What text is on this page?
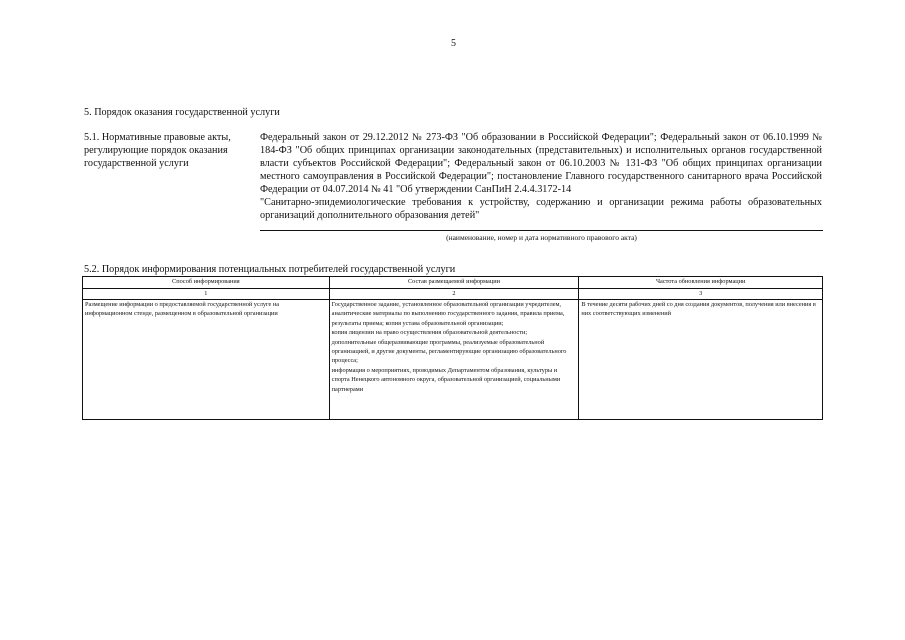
5
5. Порядок оказания государственной услуги
5.1. Нормативные правовые акты, регулирующие порядок оказания государственной услуги

Федеральный закон от 29.12.2012 № 273-ФЗ "Об образовании в Российской Федерации"; Федеральный закон от 06.10.1999 № 184-ФЗ "Об общих принципах организации законодательных (представительных) и исполнительных органов государственной власти субъектов Российской Федерации"; Федеральный закон от 06.10.2003 № 131-ФЗ "Об общих принципах организации местного самоуправления в Российской Федерации"; постановление Главного государственного санитарного врача Российской Федерации от 04.07.2014 № 41 "Об утверждении СанПиН 2.4.4.3172-14

"Санитарно-эпидемиологические требования к устройству, содержанию и организации режима работы образовательных организаций дополнительного образования детей"

(наименование, номер и дата нормативного правового акта)
5.2. Порядок информирования потенциальных потребителей государственной услуги
Способ информирования	Состав размещаемой информации	Частота обновления информации
1	2	3
Размещение информации о предоставляемой государственной услуге на информационном стенде, размещенном в образовательной организации	Государственное задание, установленное образовательной организации учредителем, аналитические материалы по выполнению государственного задания, правила приема, результаты приема; копия устава образовательной организации;
копия лицензии на право осуществления образовательной деятельности;
дополнительные общеразвивающие программы, реализуемые образовательной организацией, и другие документы, регламентирующие организацию образовательного процесса;
информация о мероприятиях, проводимых Департаментом образования, культуры и спорта Ненецкого автономного округа, образовательной организацией, социальными партнерами	В течение десяти рабочих дней со дня создания документов, получения или внесения в них соответствующих изменений
